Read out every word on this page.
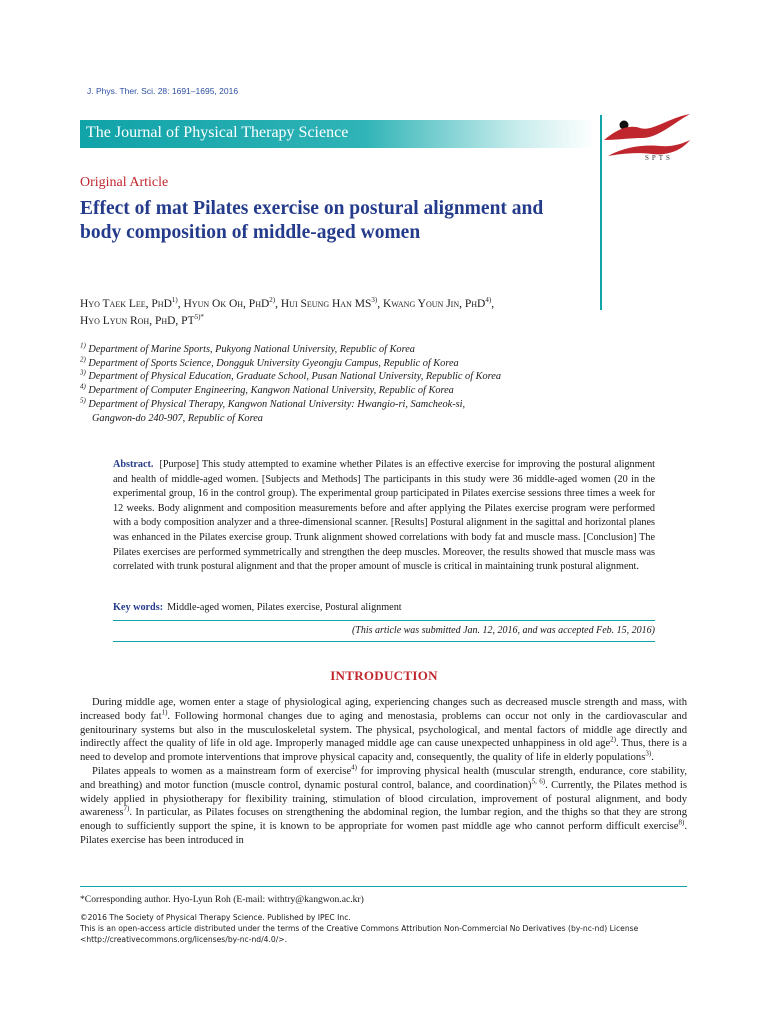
J. Phys. Ther. Sci. 28: 1691–1695, 2016
The Journal of Physical Therapy Science
SPTS
Original Article
Effect of mat Pilates exercise on postural alignment and body composition of middle-aged women
Hyo Taek Lee, PhD$^{1)}$, Hyun Ok Oh, PhD$^{2)}$, Hui Seung Han MS$^{3)}$, Kwang Youn Jin, PhD$^{4)}$,
Hyo Lyun Roh, PhD, $PT^{5)*}$
$^{1)}$ Department of Marine Sports, Pukyong National University, Republic of Korea
$^{2)}$ Department of Sports Science, Dongguk University Gyeongju Campus, Republic of Korea
$^{3)}$ Department of Physical Education, Graduate School, Pusan National University, Republic of Korea
$^{4)}$ Department of Computer Engineering, Kangwon National University, Republic of Korea
$^{5)}$ Department of Physical Therapy, Kangwon National University: Hwangio-ri, Samcheok-si,
Gangwon-do 240-907, Republic of Korea
Abstract. [Purpose] This study attempted to examine whether Pilates is an effective exercise for improving the postural alignment and health of middle-aged women. [Subjects and Methods] The participants in this study were 36 middle-aged women (20 in the experimental group, 16 in the control group). The experimental group participated in Pilates exercise sessions three times a week for 12 weeks. Body alignment and composition measurements before and after applying the Pilates exercise program were performed with a body composition analyzer and a three-dimensional scanner. [Results] Postural alignment in the sagittal and horizontal planes was enhanced in the Pilates exercise group. Trunk alignment showed correlations with body fat and muscle mass. [Conclusion] The Pilates exercises are performed symmetrically and strengthen the deep muscles. Moreover, the results showed that muscle mass was correlated with trunk postural alignment and that the proper amount of muscle is critical in maintaining trunk postural alignment.
Key words: Middle-aged women, Pilates exercise, Postural alignment
(This article was submitted Jan. 12, 2016, and was accepted Feb. 15, 2016)
INTRODUCTION

During middle age, women enter a stage of physiological aging, experiencing changes such as decreased muscle strength and mass, with increased body fat$^{1)}$. Following hormonal changes due to aging and menostasia, problems can occur not only in the cardiovascular and genitourinary systems but also in the musculoskeletal system. The physical, psychological, and mental factors of middle age directly and indirectly affect the quality of life in old age. Improperly managed middle age can cause unexpected unhappiness in old age$^{2)}$. Thus, there is a need to develop and promote interventions that improve physical capacity and, consequently, the quality of life in elderly populations$^{3)}$.

Pilates appeals to women as a mainstream form of exercise$^{4)}$ for improving physical health (muscular strength, endurance, core stability, and breathing) and motor function (muscle control, dynamic postural control, balance, and coordination)$^{5, 6)}$. Currently, the Pilates method is widely applied in physiotherapy for flexibility training, stimulation of blood circulation, improvement of postural alignment, and body awareness$^{7)}$. In particular, as Pilates focuses on strengthening the abdominal region, the lumbar region, and the thighs so that they are strong enough to sufficiently support the spine, it is known to be appropriate for women past middle age who cannot perform difficult exercise$^{8)}$. Pilates exercise has been introduced in

*Corresponding author. Hyo-Lyun Roh (E-mail: withtry@kangwon.ac.kr)
©2016 The Society of Physical Therapy Science. Published by IPEC Inc.
This is an open-access article distributed under the terms of the Creative Commons Attribution Non-Commercial No Derivatives (by-nc-nd) License <http://creativecommons.org/licenses/by-nc-nd/4.0/>.
